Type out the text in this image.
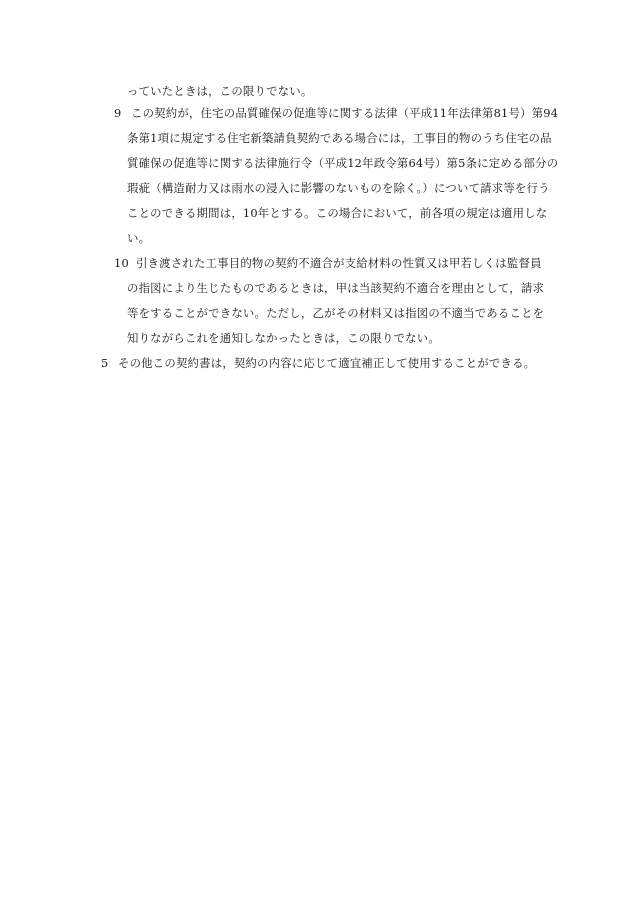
っていたときは，この限りでない。
9 この契約が，住宅の品質確保の促進等に関する法律（平成11年法律第81号）第94
条第1項に規定する住宅新築請負契約である場合には，工事目的物のうち住宅の品
質確保の促進等に関する法律施行令（平成12年政令第64号）第5条に定める部分の
瑕疵（構造耐力又は雨水の浸入に影響のないものを除く。）について請求等を行う
ことのできる期間は，10年とする。この場合において，前各項の規定は適用しな
い。
10 引き渡された工事目的物の契約不適合が支給材料の性質又は甲若しくは監督員
の指図により生じたものであるときは，甲は当該契約不適合を理由として，請求
等をすることができない。ただし，乙がその材料又は指図の不適当であることを
知りながらこれを通知しなかったときは，この限りでない。
5 その他この契約書は，契約の内容に応じて適宜補正して使用することができる。
